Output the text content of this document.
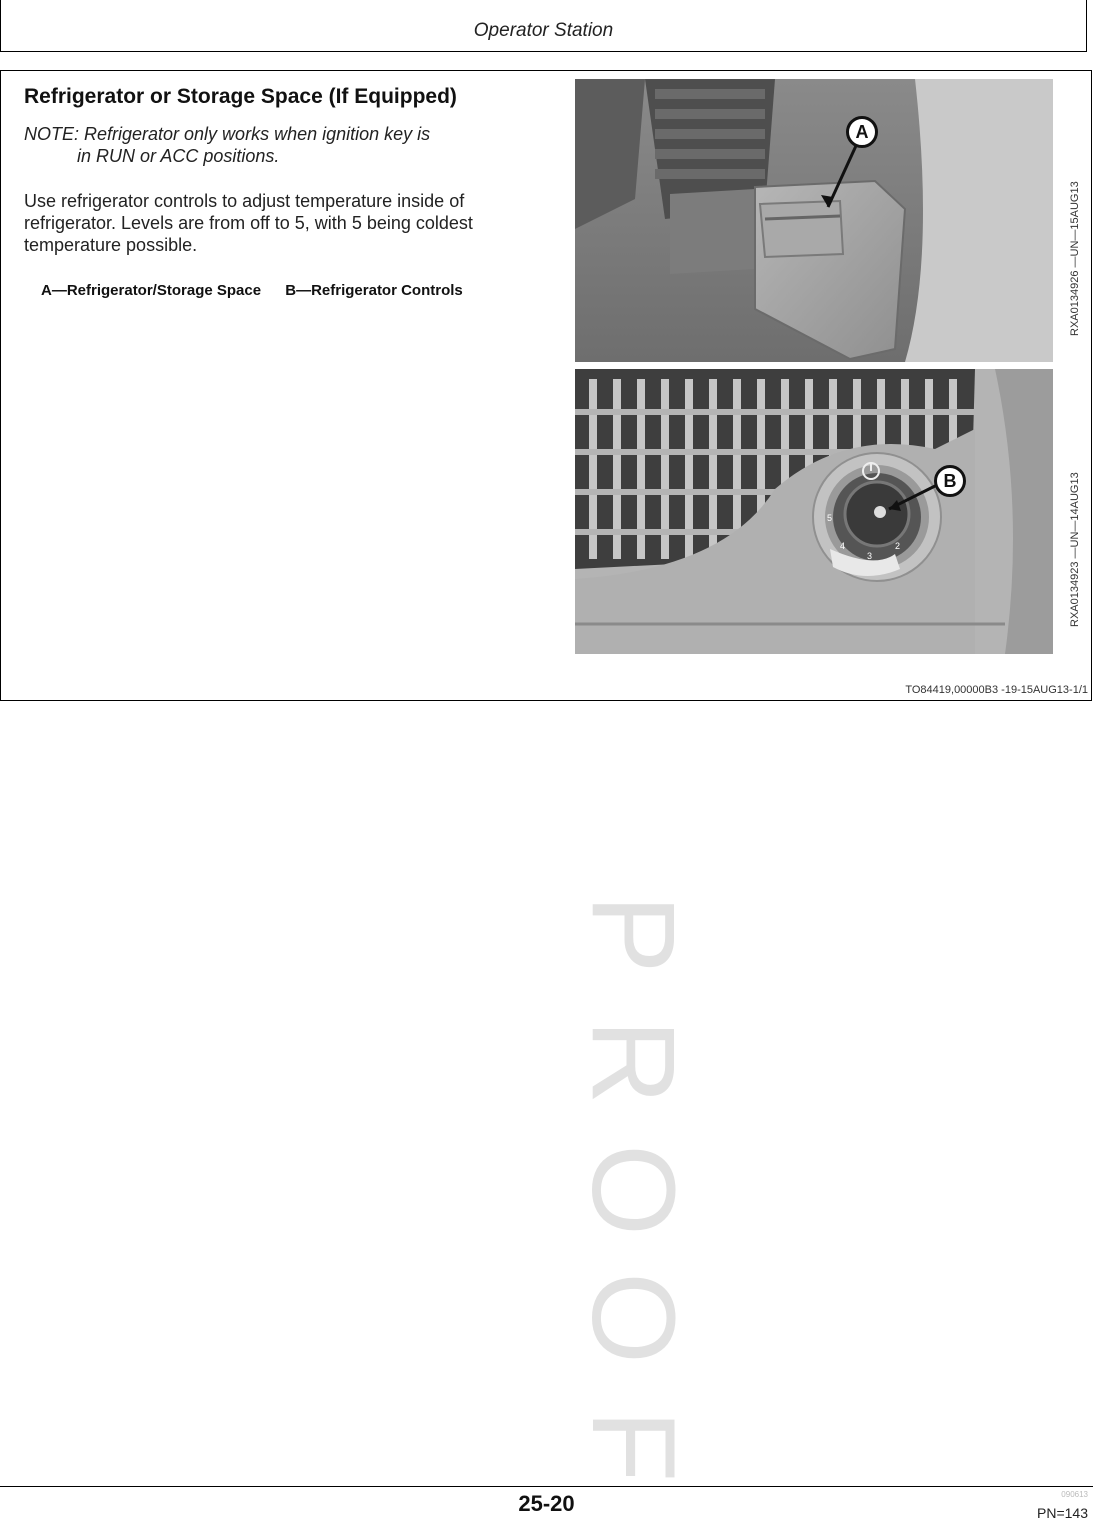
Operator Station
Refrigerator or Storage Space (If Equipped)
NOTE: Refrigerator only works when ignition key is
in RUN or ACC positions.
Use refrigerator controls to adjust temperature inside of refrigerator. Levels are from off to 5, with 5 being coldest temperature possible.
A—Refrigerator/Storage Space B—Refrigerator Controls
5
4
3
2
A
B
RXA0134926 —UN—15AUG13
RXA0134923 —UN—14AUG13
TO84419,00000B3 -19-15AUG13-1/1
P
R
O
O
F
25-20	090613
PN=143
